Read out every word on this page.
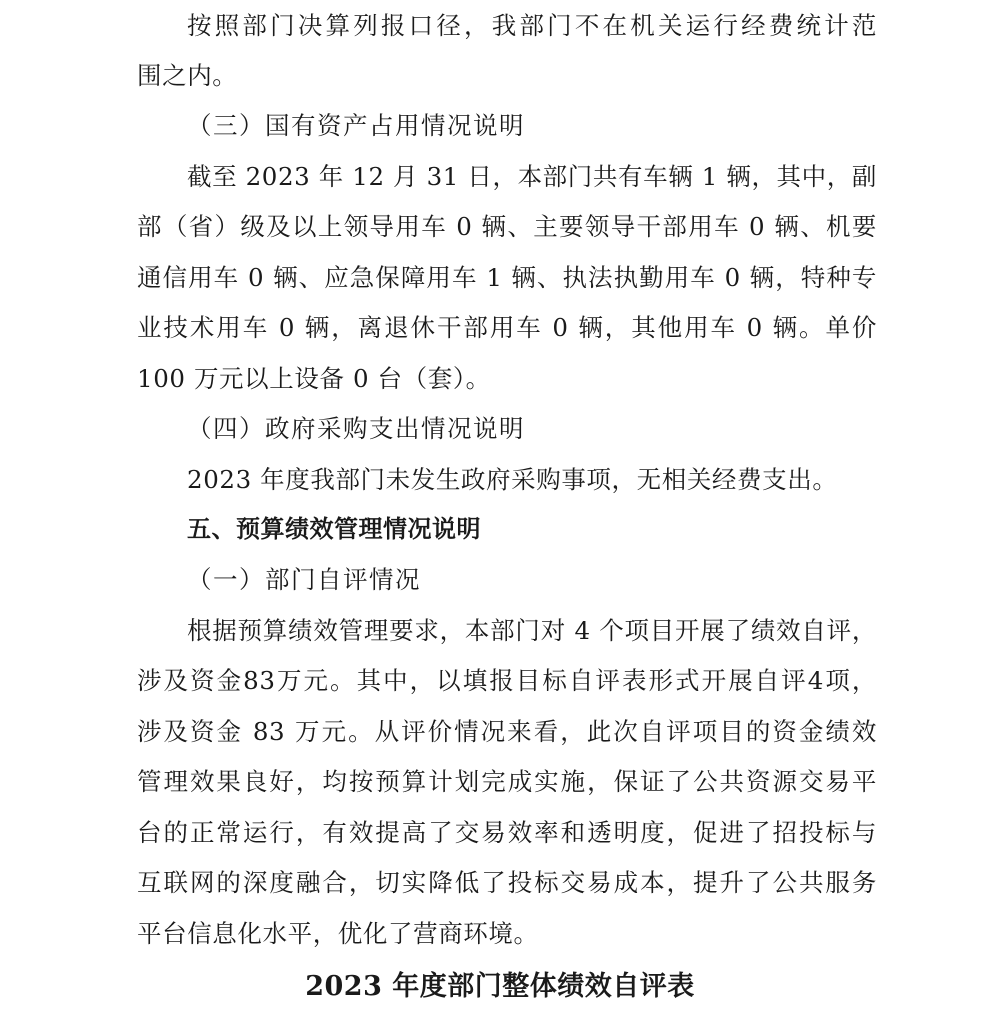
按照部门决算列报口径，我部门不在机关运行经费统计范
围之内。
（三）国有资产占用情况说明
截至 2023 年 12 月 31 日，本部门共有车辆 1 辆，其中，副
部（省）级及以上领导用车 0 辆、主要领导干部用车 0 辆、机要
通信用车 0 辆、应急保障用车 1 辆、执法执勤用车 0 辆，特种专
业技术用车 0 辆，离退休干部用车 0 辆，其他用车 0 辆。单价
100 万元以上设备 0 台（套）。
（四）政府采购支出情况说明
2023 年度我部门未发生政府采购事项，无相关经费支出。
五、预算绩效管理情况说明
（一）部门自评情况
根据预算绩效管理要求，本部门对 4 个项目开展了绩效自评，
涉及资金83万元。其中，以填报目标自评表形式开展自评4项，
涉及资金 83 万元。从评价情况来看，此次自评项目的资金绩效
管理效果良好，均按预算计划完成实施，保证了公共资源交易平
台的正常运行，有效提高了交易效率和透明度，促进了招投标与
互联网的深度融合，切实降低了投标交易成本，提升了公共服务
平台信息化水平，优化了营商环境。
2023 年度部门整体绩效自评表
